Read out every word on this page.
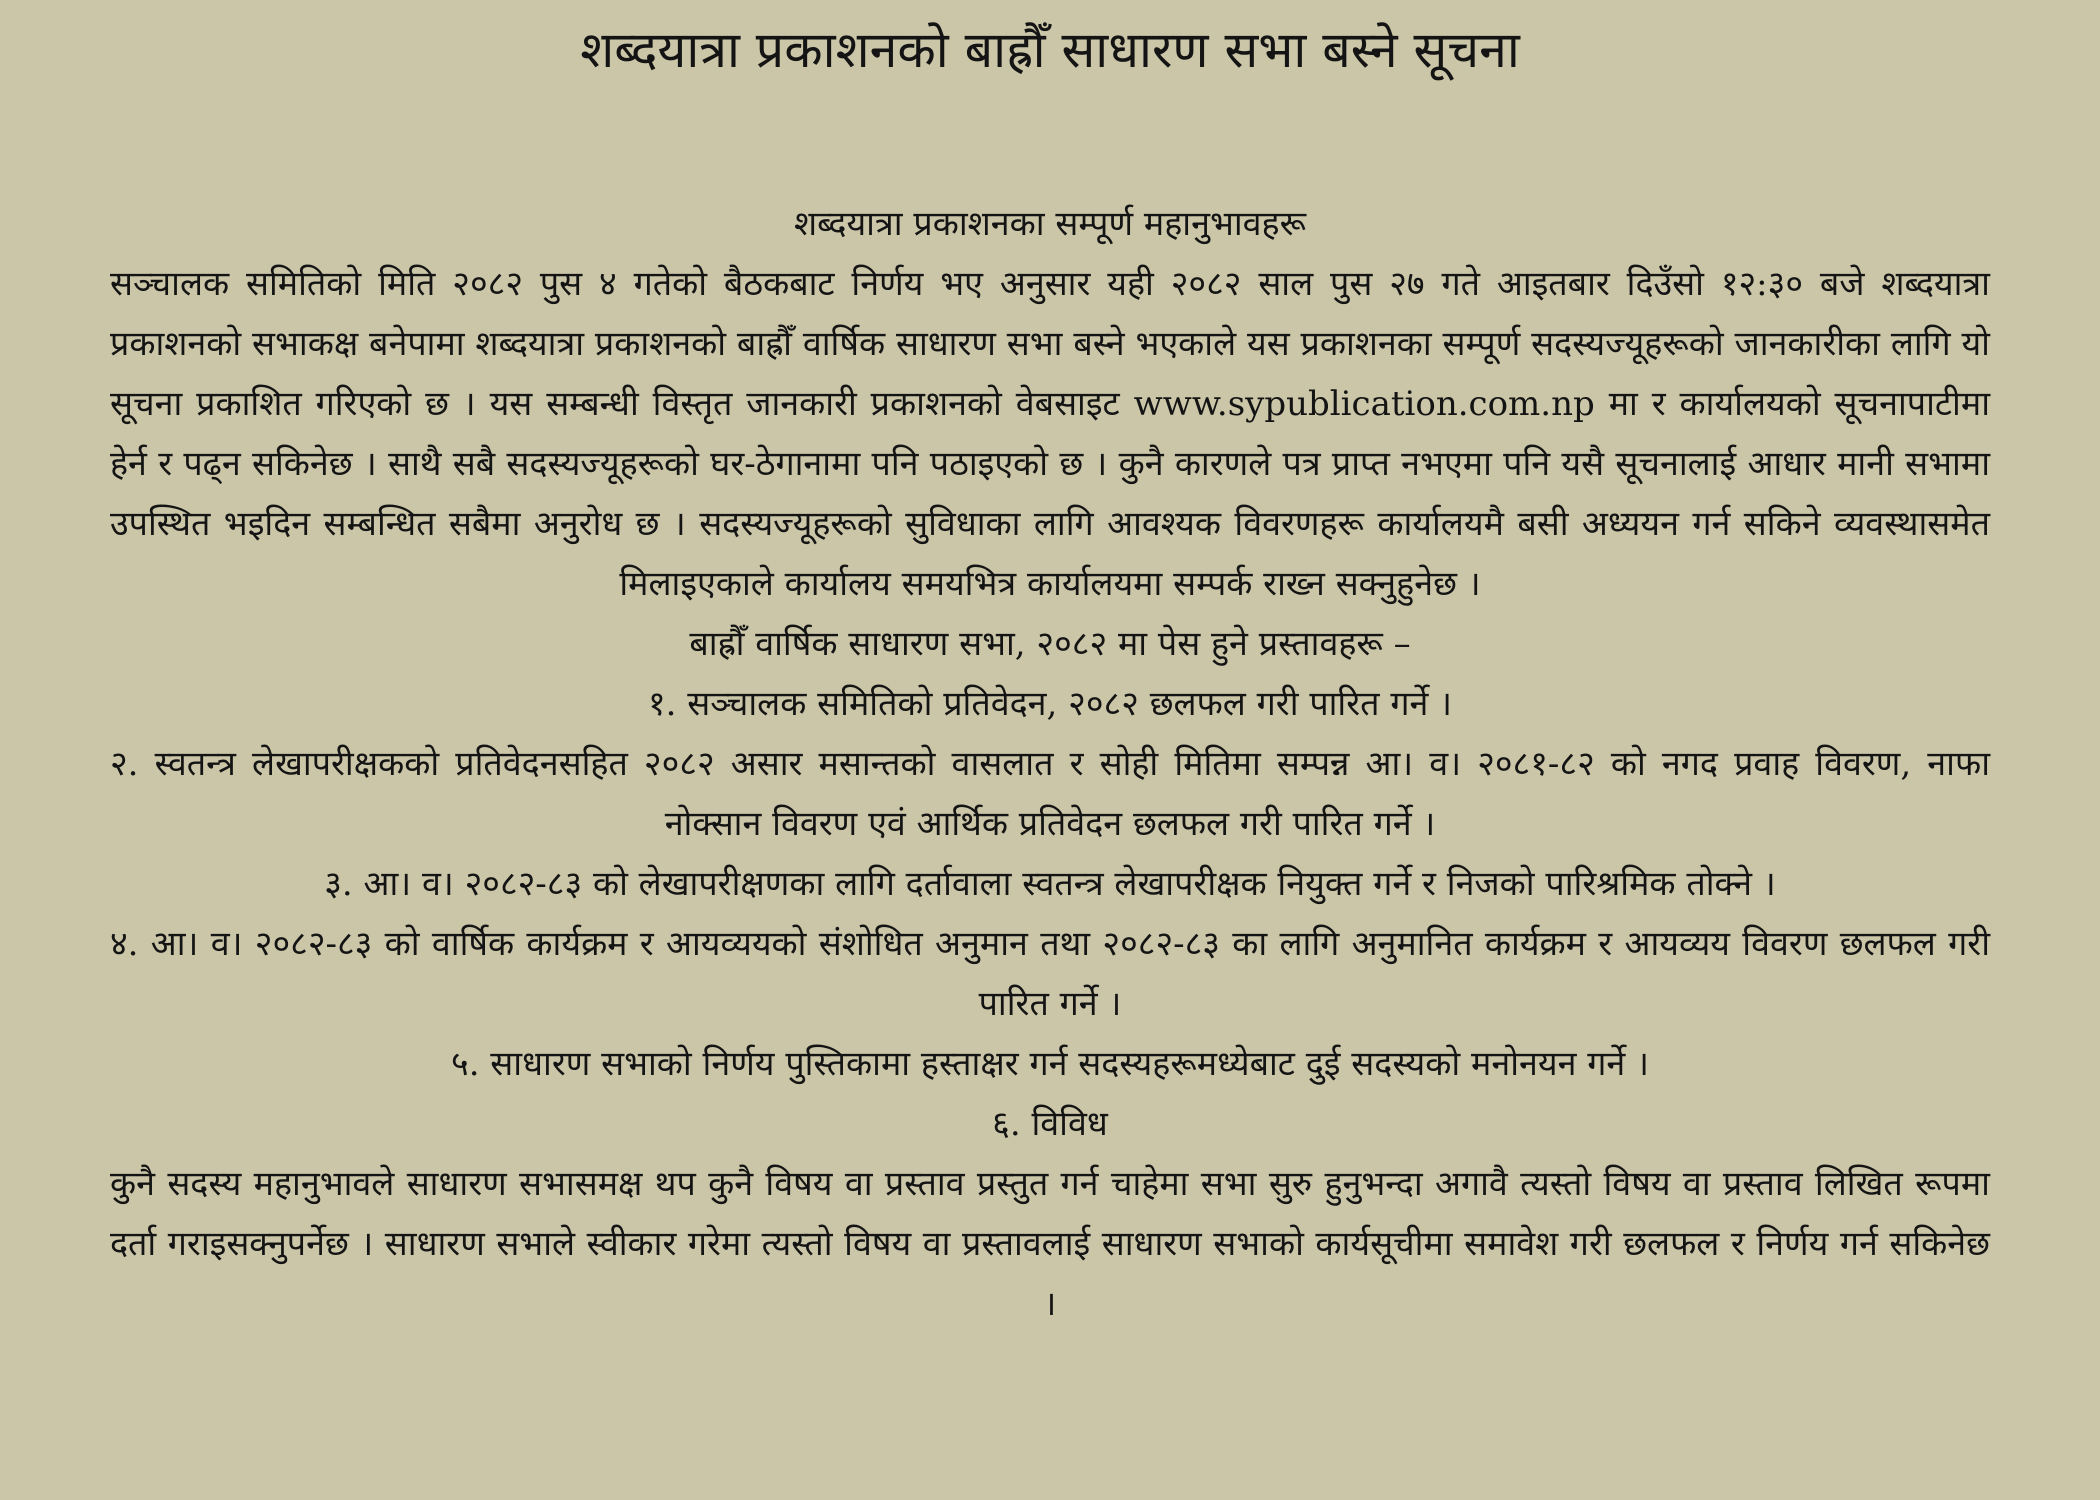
शब्दयात्रा प्रकाशनको बाह्रौँ साधारण सभा बस्ने सूचना

शब्दयात्रा प्रकाशनका सम्पूर्ण महानुभावहरू

सञ्चालक समितिको मिति २०८२ पुस ४ गतेको बैठकबाट निर्णय भए अनुसार यही २०८२ साल पुस २७ गते आइतबार दिउँसो १२:३० बजे शब्दयात्रा प्रकाशनको सभाकक्ष बनेपामा शब्दयात्रा प्रकाशनको बाह्रौँ वार्षिक साधारण सभा बस्ने भएकाले यस प्रकाशनका सम्पूर्ण सदस्यज्यूहरूको जानकारीका लागि यो सूचना प्रकाशित गरिएको छ । यस सम्बन्धी विस्तृत जानकारी प्रकाशनको वेबसाइट www.sypublication.com.np मा र कार्यालयको सूचनापाटीमा हेर्न र पढ्न सकिनेछ । साथै सबै सदस्यज्यूहरूको घर-ठेगानामा पनि पठाइएको छ । कुनै कारणले पत्र प्राप्त नभएमा पनि यसै सूचनालाई आधार मानी सभामा उपस्थित भइदिन सम्बन्धित सबैमा अनुरोध छ । सदस्यज्यूहरूको सुविधाका लागि आवश्यक विवरणहरू कार्यालयमै बसी अध्ययन गर्न सकिने व्यवस्थासमेत मिलाइएकाले कार्यालय समयभित्र कार्यालयमा सम्पर्क राख्न सक्नुहुनेछ ।

बाह्रौँ वार्षिक साधारण सभा, २०८२ मा पेस हुने प्रस्तावहरू –

१. सञ्चालक समितिको प्रतिवेदन, २०८२ छलफल गरी पारित गर्ने ।

२. स्वतन्त्र लेखापरीक्षकको प्रतिवेदनसहित २०८२ असार मसान्तको वासलात र सोही मितिमा सम्पन्न आ। व। २०८१-८२ को नगद प्रवाह विवरण, नाफा नोक्सान विवरण एवं आर्थिक प्रतिवेदन छलफल गरी पारित गर्ने ।

३. आ। व। २०८२-८३ को लेखापरीक्षणका लागि दर्तावाला स्वतन्त्र लेखापरीक्षक नियुक्त गर्ने र निजको पारिश्रमिक तोक्ने ।

४. आ। व। २०८२-८३ को वार्षिक कार्यक्रम र आयव्ययको संशोधित अनुमान तथा २०८२-८३ का लागि अनुमानित कार्यक्रम र आयव्यय विवरण छलफल गरी पारित गर्ने ।

५. साधारण सभाको निर्णय पुस्तिकामा हस्ताक्षर गर्न सदस्यहरूमध्येबाट दुई सदस्यको मनोनयन गर्ने ।

६. विविध

कुनै सदस्य महानुभावले साधारण सभासमक्ष थप कुनै विषय वा प्रस्ताव प्रस्तुत गर्न चाहेमा सभा सुरु हुनुभन्दा अगावै त्यस्तो विषय वा प्रस्ताव लिखित रूपमा दर्ता गराइसक्नुपर्नेछ । साधारण सभाले स्वीकार गरेमा त्यस्तो विषय वा प्रस्तावलाई साधारण सभाको कार्यसूचीमा समावेश गरी छलफल र निर्णय गर्न सकिनेछ ।
